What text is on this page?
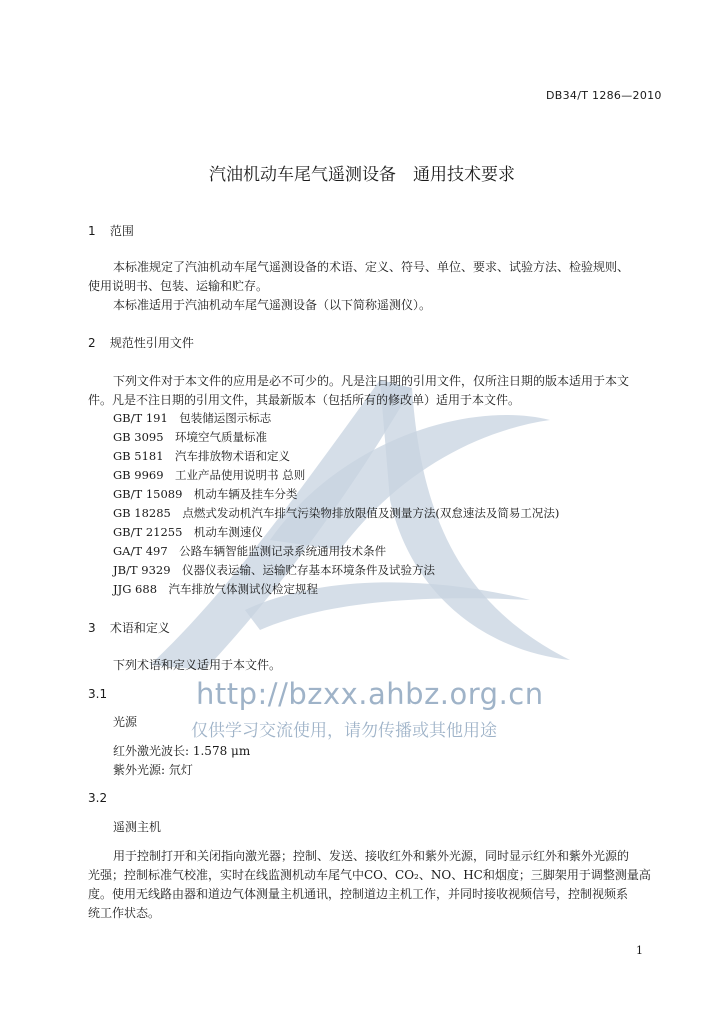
DB34/T 1286—2010
汽油机动车尾气遥测设备　通用技术要求
1 范围
本标准规定了汽油机动车尾气遥测设备的术语、定义、符号、单位、要求、试验方法、检验规则、
使用说明书、包装、运输和贮存。
本标准适用于汽油机动车尾气遥测设备（以下简称遥测仪）。
2 规范性引用文件
下列文件对于本文件的应用是必不可少的。凡是注日期的引用文件，仅所注日期的版本适用于本文
件。凡是不注日期的引用文件，其最新版本（包括所有的修改单）适用于本文件。
GB/T 191　包装储运图示标志
GB 3095　环境空气质量标准
GB 5181　汽车排放物术语和定义
GB 9969　工业产品使用说明书 总则
GB/T 15089　机动车辆及挂车分类
GB 18285　点燃式发动机汽车排气污染物排放限值及测量方法(双怠速法及简易工况法)
GB/T 21255　机动车测速仪
GA/T 497　公路车辆智能监测记录系统通用技术条件
JB/T 9329　仪器仪表运输、运输贮存基本环境条件及试验方法
JJG 688　汽车排放气体测试仪检定规程
3 术语和定义
下列术语和定义适用于本文件。
http://bzxx.ahbz.org.cn
仅供学习交流使用，请勿传播或其他用途
3.1
光源
红外激光波长: 1.578 μm
紫外光源: 氘灯
3.2
遥测主机
用于控制打开和关闭指向激光器；控制、发送、接收红外和紫外光源，同时显示红外和紫外光源的
光强；控制标准气校准，实时在线监测机动车尾气中CO、CO₂、NO、HC和烟度；三脚架用于调整测量高
度。使用无线路由器和道边气体测量主机通讯，控制道边主机工作，并同时接收视频信号，控制视频系
统工作状态。
1
